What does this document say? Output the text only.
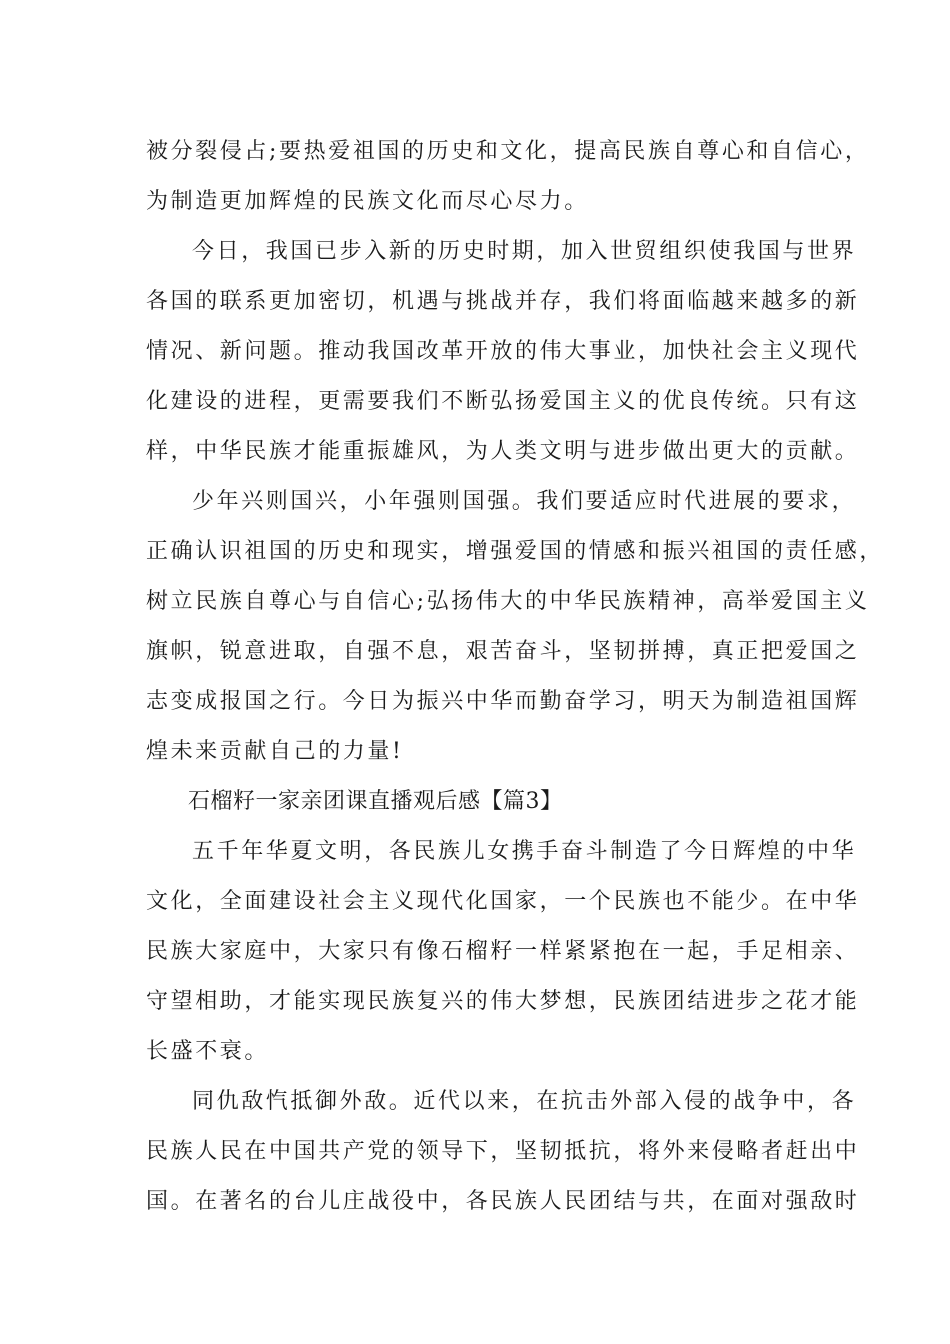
被分裂侵占;要热爱祖国的历史和文化，提高民族自尊心和自信心，
为制造更加辉煌的民族文化而尽心尽力。
今日，我国已步入新的历史时期，加入世贸组织使我国与世界
各国的联系更加密切，机遇与挑战并存，我们将面临越来越多的新
情况、新问题。推动我国改革开放的伟大事业，加快社会主义现代
化建设的进程，更需要我们不断弘扬爱国主义的优良传统。只有这
样，中华民族才能重振雄风，为人类文明与进步做出更大的贡献。
少年兴则国兴，小年强则国强。我们要适应时代进展的要求，
正确认识祖国的历史和现实，增强爱国的情感和振兴祖国的责任感，
树立民族自尊心与自信心;弘扬伟大的中华民族精神，高举爱国主义
旗帜，锐意进取，自强不息，艰苦奋斗，坚韧拼搏，真正把爱国之
志变成报国之行。今日为振兴中华而勤奋学习，明天为制造祖国辉
煌未来贡献自己的力量!
石榴籽一家亲团课直播观后感【篇3】
五千年华夏文明，各民族儿女携手奋斗制造了今日辉煌的中华
文化，全面建设社会主义现代化国家，一个民族也不能少。在中华
民族大家庭中，大家只有像石榴籽一样紧紧抱在一起，手足相亲、
守望相助，才能实现民族复兴的伟大梦想，民族团结进步之花才能
长盛不衰。
同仇敌忾抵御外敌。近代以来，在抗击外部入侵的战争中，各
民族人民在中国共产党的领导下，坚韧抵抗，将外来侵略者赶出中
国。在著名的台儿庄战役中，各民族人民团结与共，在面对强敌时
